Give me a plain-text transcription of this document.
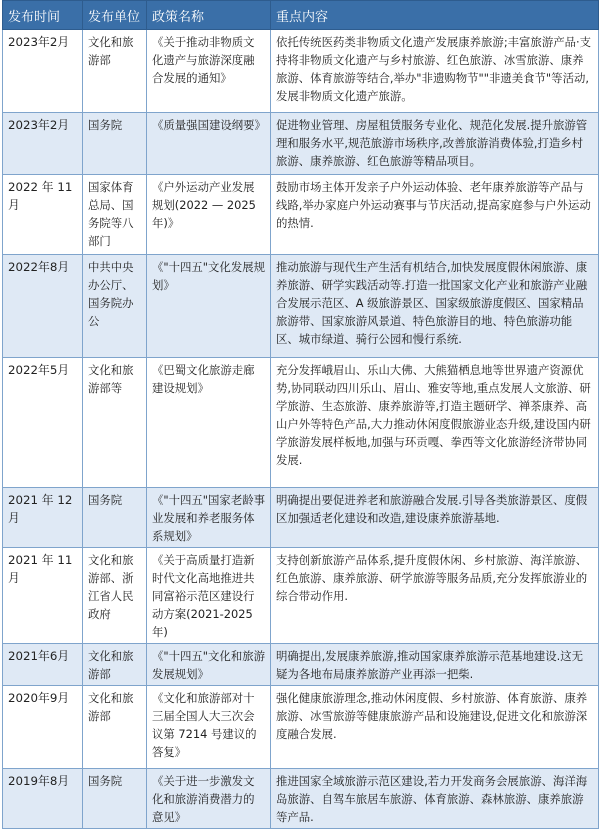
发布时间	发布单位	政策名称	重点内容
2023年2月	文化和旅游部	《关于推动非物质文化遗产与旅游深度融合发展的通知》	依托传统医药类非物质文化遗产发展康养旅游;丰富旅游产品·支持将非物质文化遗产与乡村旅游、红色旅游、冰雪旅游、康养旅游、体育旅游等结合,举办"非遗购物节""非遗美食节"等活动,发展非物质文化遗产旅游。
2023年2月	国务院	《质量强国建设纲要》	促进物业管理、房屋租赁服务专业化、规范化发展.提升旅游管理和服务水平,规范旅游市场秩序,改善旅游消费体验,打造乡村旅游、康养旅游、红色旅游等精品项目。
2022 年 11 月	国家体育总局、国务院等八部门	《户外运动产业发展规划(2022 — 2025 年)》	鼓励市场主体开发亲子户外运动体验、老年康养旅游等产品与线路,举办家庭户外运动赛事与节庆活动,提高家庭参与户外运动的热情.
2022年8月	中共中央办公厅、国务院办公	《"十四五"文化发展规划》	推动旅游与现代生产生活有机结合,加快发展度假休闲旅游、康养旅游、研学实践活动等.打造一批国家文化产业和旅游产业融合发展示范区、A 级旅游景区、国家级旅游度假区、国家精品旅游带、国家旅游风景道、特色旅游目的地、特色旅游功能区、城市绿道、骑行公园和慢行系统.
2022年5月	文化和旅游部等	《巴蜀文化旅游走廊建设规划》	充分发挥峨眉山、乐山大佛、大熊猫栖息地等世界遗产资源优势,协同联动四川乐山、眉山、雅安等地,重点发展人文旅游、研学旅游、生态旅游、康养旅游等,打造主题研学、禅茶康养、高山户外等特色产品,大力推动休闲度假旅游业态升级,建设国内研学旅游发展样板地,加强与环贡嘎、拳西等文化旅游经济带协同发展.
2021 年 12 月	国务院	《"十四五"国家老龄事业发展和养老服务体系规划》	明确提出要促进养老和旅游融合发展.引导各类旅游景区、度假区加强适老化建设和改造,建设康养旅游基地.
2021 年 11 月	文化和旅游部、浙江省人民政府	《关于高质量打造新时代文化高地推进共同富裕示范区建设行动方案(2021-2025 年)	支持创新旅游产品体系,提升度假休闲、乡村旅游、海洋旅游、红色旅游、康养旅游、研学旅游等服务品质,充分发挥旅游业的综合带动作用.
2021年6月	文化和旅游部	《"十四五"文化和旅游发展规划》	明确提出,发展康养旅游,推动国家康养旅游示范基地建设.这无疑为各地布局康养旅游产业再添一把柴.
2020年9月	文化和旅游部	《文化和旅游部对十三届全国人大三次会议第 7214 号建议的答复》	强化健康旅游理念,推动休闲度假、乡村旅游、体育旅游、康养旅游、冰雪旅游等健康旅游产品和设施建设,促进文化和旅游深度融合发展.
2019年8月	国务院	《关于进一步激发文化和旅游消费潜力的意见》	推进国家全域旅游示范区建设,若力开发商务会展旅游、海洋海岛旅游、自驾车旅居车旅游、体育旅游、森林旅游、康养旅游等产品.
